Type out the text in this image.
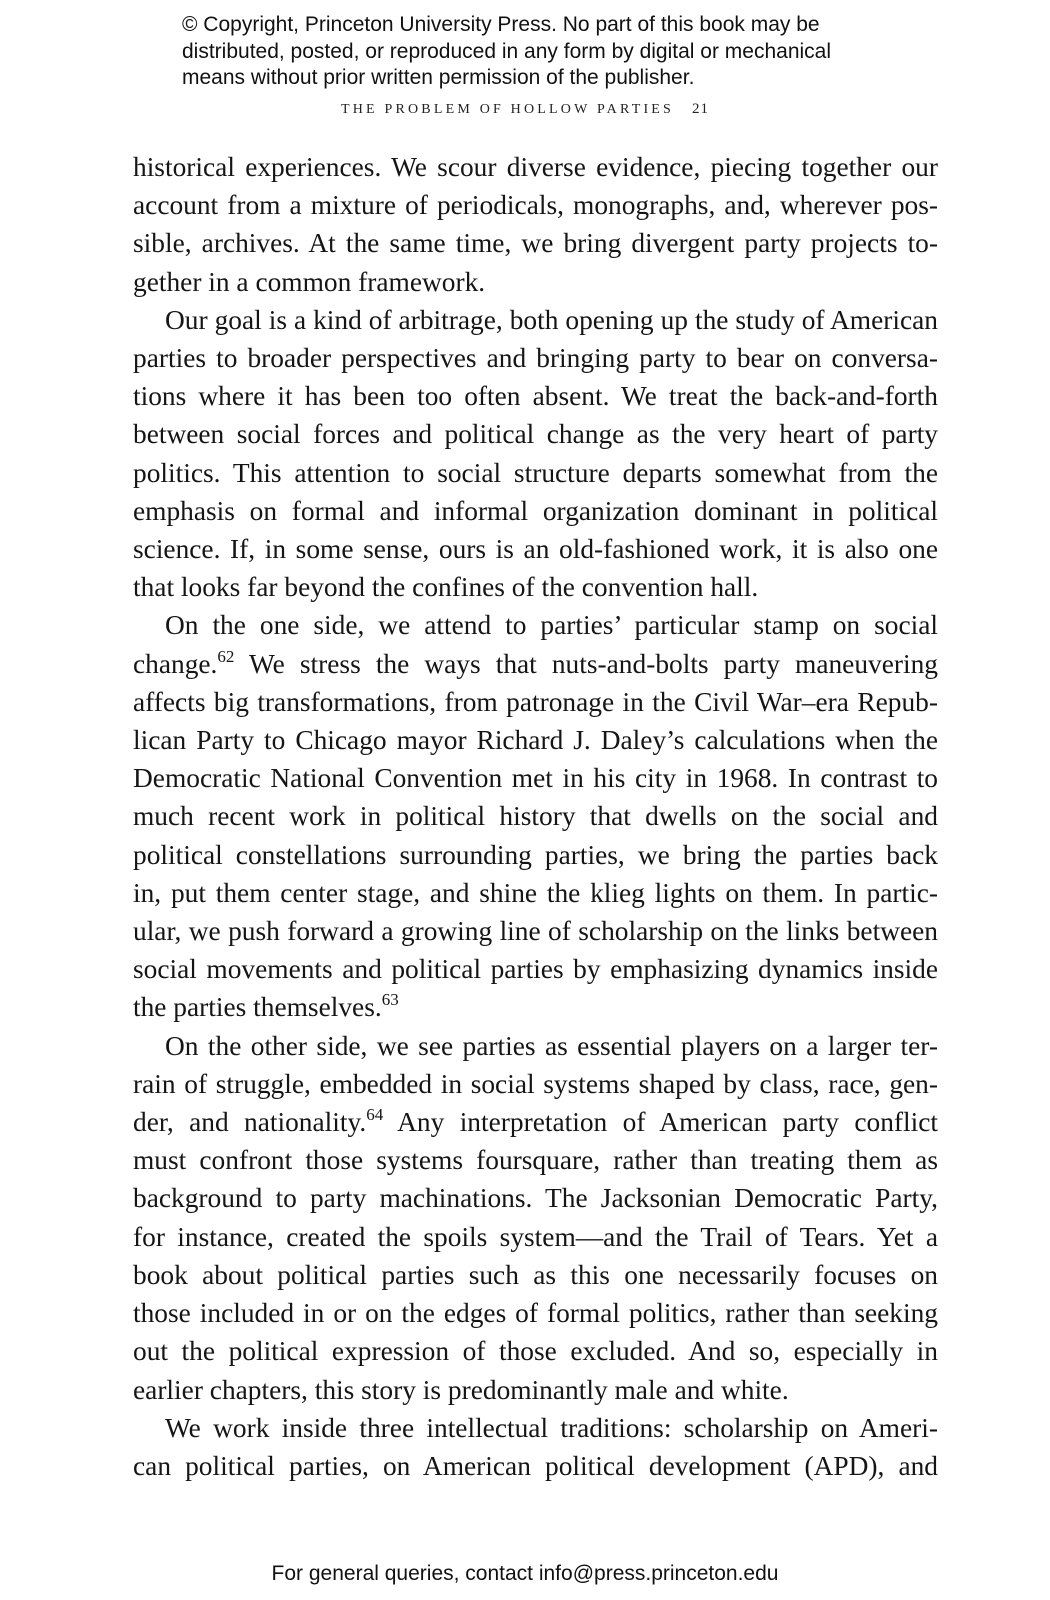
© Copyright, Princeton University Press. No part of this book may be
distributed, posted, or reproduced in any form by digital or mechanical
means without prior written permission of the publisher.
THE PROBLEM OF HOLLOW PARTIES 21
historical experiences. We scour diverse evidence, piecing together our
account from a mixture of periodicals, monographs, and, wherever pos-
sible, archives. At the same time, we bring divergent party projects to-
gether in a common framework.
Our goal is a kind of arbitrage, both opening up the study of American
parties to broader perspectives and bringing party to bear on conversa-
tions where it has been too often absent. We treat the back-and-forth
between social forces and political change as the very heart of party
politics. This attention to social structure departs somewhat from the
emphasis on formal and informal organization dominant in political
science. If, in some sense, ours is an old-fashioned work, it is also one
that looks far beyond the confines of the convention hall.
On the one side, we attend to parties’ particular stamp on social
change.$^{62}$ We stress the ways that nuts-and-bolts party maneuvering
affects big transformations, from patronage in the Civil War–era Repub-
lican Party to Chicago mayor Richard J. Daley’s calculations when the
Democratic National Convention met in his city in 1968. In contrast to
much recent work in political history that dwells on the social and
political constellations surrounding parties, we bring the parties back
in, put them center stage, and shine the klieg lights on them. In partic-
ular, we push forward a growing line of scholarship on the links between
social movements and political parties by emphasizing dynamics inside
the parties themselves.$^{63}$
On the other side, we see parties as essential players on a larger ter-
rain of struggle, embedded in social systems shaped by class, race, gen-
der, and nationality.$^{64}$ Any interpretation of American party conflict
must confront those systems foursquare, rather than treating them as
background to party machinations. The Jacksonian Democratic Party,
for instance, created the spoils system—and the Trail of Tears. Yet a
book about political parties such as this one necessarily focuses on
those included in or on the edges of formal politics, rather than seeking
out the political expression of those excluded. And so, especially in
earlier chapters, this story is predominantly male and white.
We work inside three intellectual traditions: scholarship on Ameri-
can political parties, on American political development (APD), and
For general queries, contact info@press.princeton.edu
